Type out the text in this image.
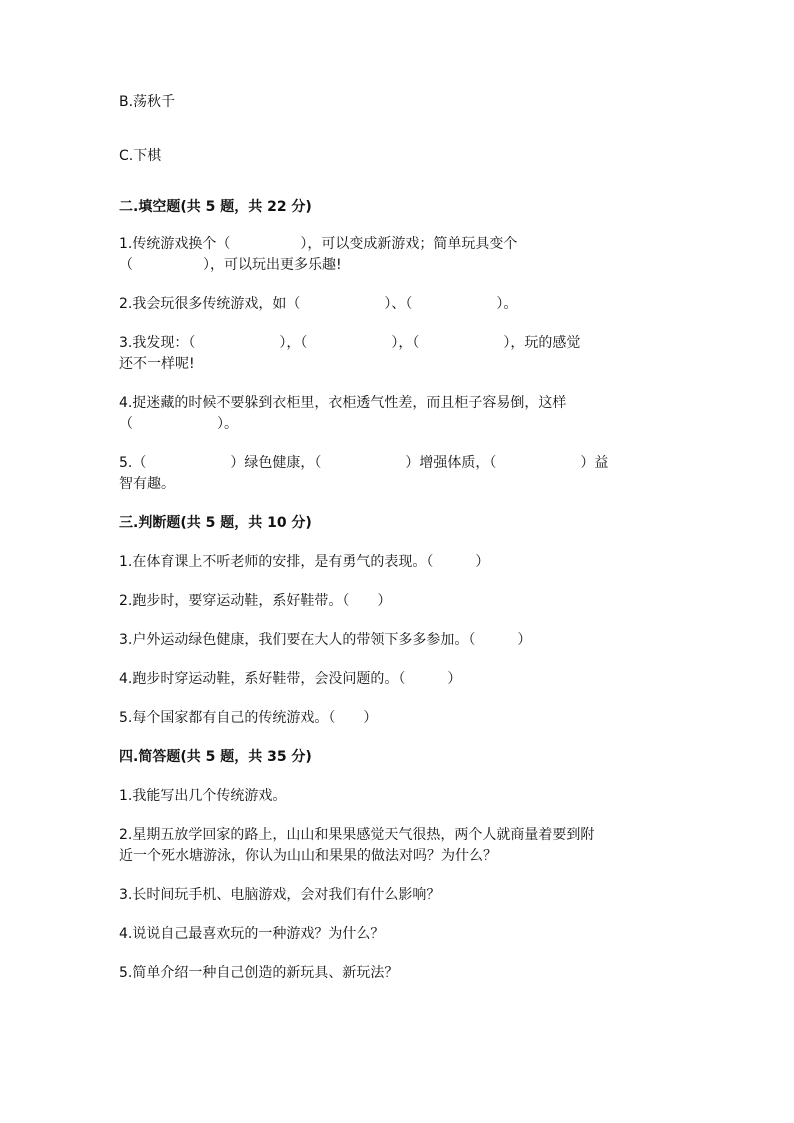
B.荡秋千
C.下棋
二.填空题(共 5 题，共 22 分)
1.传统游戏换个（　　　　　），可以变成新游戏；简单玩具变个
（　　　　　），可以玩出更多乐趣!
2.我会玩很多传统游戏，如（　　　　　　）、（　　　　　　）。
3.我发现：（　　　　　　），（　　　　　　），（　　　　　　），玩的感觉
还不一样呢!
4.捉迷藏的时候不要躲到衣柜里，衣柜透气性差，而且柜子容易倒，这样
（　　　　　　）。
5.（　　　　　　）绿色健康，（　　　　　　）增强体质，（　　　　　　）益
智有趣。
三.判断题(共 5 题，共 10 分)
1.在体育课上不听老师的安排，是有勇气的表现。（　　　）
2.跑步时，要穿运动鞋，系好鞋带。（　　）
3.户外运动绿色健康，我们要在大人的带领下多多参加。（　　　）
4.跑步时穿运动鞋，系好鞋带，会没问题的。（　　　）
5.每个国家都有自己的传统游戏。（　　）
四.简答题(共 5 题，共 35 分)
1.我能写出几个传统游戏。
2.星期五放学回家的路上，山山和果果感觉天气很热，两个人就商量着要到附
近一个死水塘游泳，你认为山山和果果的做法对吗？为什么？
3.长时间玩手机、电脑游戏，会对我们有什么影响？
4.说说自己最喜欢玩的一种游戏？为什么？
5.简单介绍一种自己创造的新玩具、新玩法？
